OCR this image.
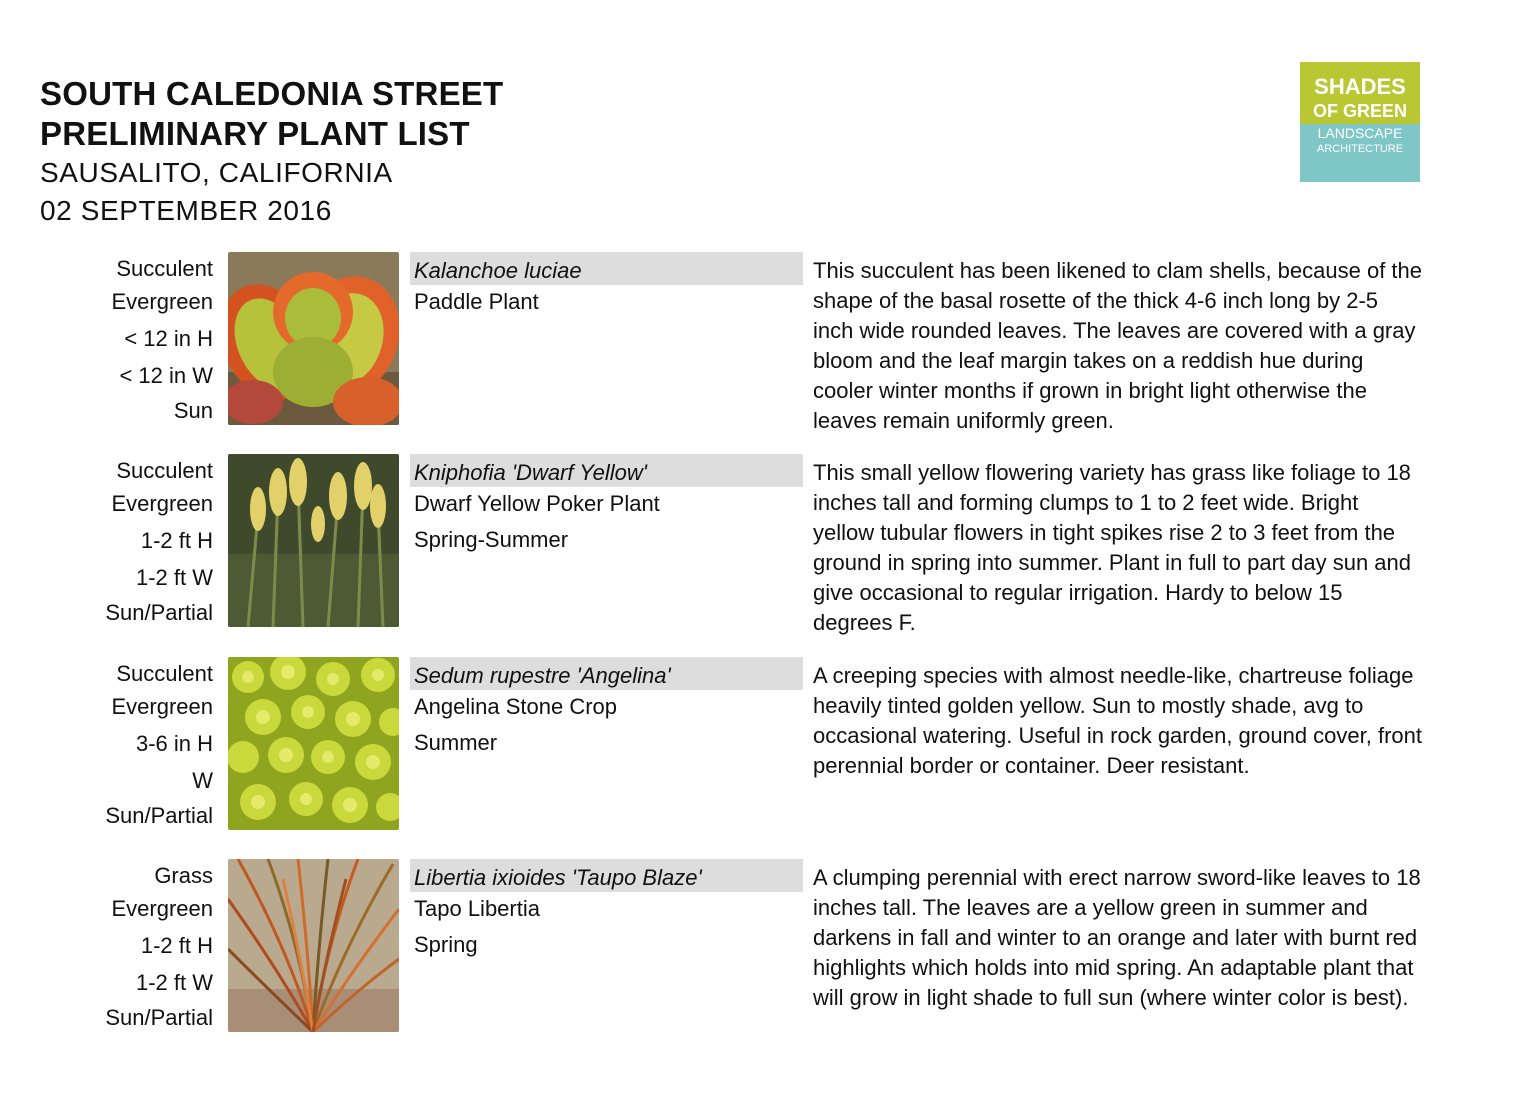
SOUTH CALEDONIA STREET
PRELIMINARY PLANT LIST
SAUSALITO, CALIFORNIA
02 SEPTEMBER 2016
SHADES
OF GREEN
LANDSCAPE
ARCHITECTURE
Succulent
Evergreen
< 12 in H
< 12 in W
Sun
Kalanchoe luciae
Paddle Plant
This succulent has been likened to clam shells, because of the shape of the basal rosette of the thick 4-6 inch long by 2-5 inch wide rounded leaves. The leaves are covered with a gray bloom and the leaf margin takes on a reddish hue during cooler winter months if grown in bright light otherwise the leaves remain uniformly green.
Succulent
Evergreen
1-2 ft H
1-2 ft W
Sun/Partial
Kniphofia 'Dwarf Yellow'
Dwarf Yellow Poker Plant
Spring-Summer
This small yellow flowering variety has grass like foliage to 18 inches tall and forming clumps to 1 to 2 feet wide. Bright yellow tubular flowers in tight spikes rise 2 to 3 feet from the ground in spring into summer. Plant in full to part day sun and give occasional to regular irrigation. Hardy to below 15 degrees F.
Succulent
Evergreen
3-6 in H
W
Sun/Partial
Sedum rupestre 'Angelina'
Angelina Stone Crop
Summer
A creeping species with almost needle-like, chartreuse foliage heavily tinted golden yellow. Sun to mostly shade, avg to occasional watering. Useful in rock garden, ground cover, front perennial border or container. Deer resistant.
Grass
Evergreen
1-2 ft H
1-2 ft W
Sun/Partial
Libertia ixioides 'Taupo Blaze'
Tapo Libertia
Spring
A clumping perennial with erect narrow sword-like leaves to 18 inches tall. The leaves are a yellow green in summer and darkens in fall and winter to an orange and later with burnt red highlights which holds into mid spring. An adaptable plant that will grow in light shade to full sun (where winter color is best).
